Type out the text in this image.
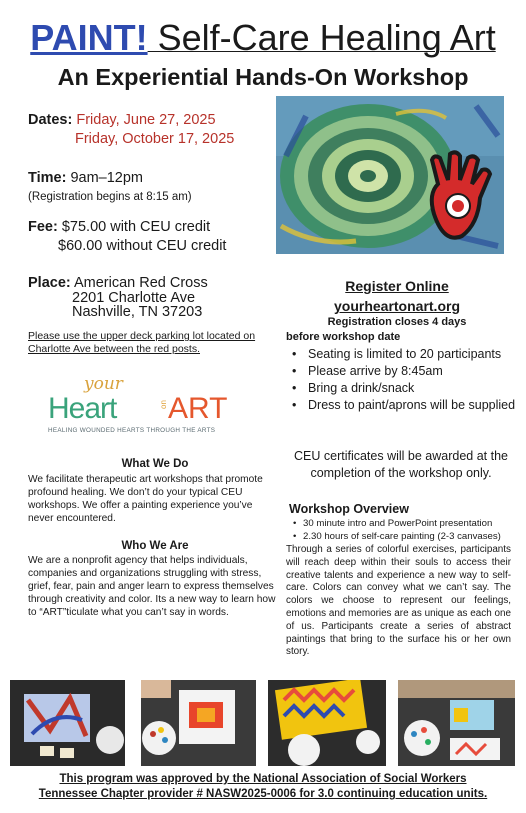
PAINT! Self-Care Healing Art
An Experiential Hands-On Workshop
Dates: Friday, June 27, 2025
Friday, October 17, 2025
Time: 9am–12pm
(Registration begins at 8:15 am)
Fee: $75.00 with CEU credit
$60.00 without CEU credit
Place: American Red Cross
2201 Charlotte Ave
Nashville, TN 37203
Please use the upper deck parking lot located on Charlotte Ave between the red posts.
your
Heart	on ART
HEALING WOUNDED HEARTS THROUGH THE ARTS
What We Do
We facilitate therapeutic art workshops that promote profound healing. We don’t do your typical CEU workshops. We offer a painting experience you’ve never encountered.
Who We Are
We are a nonprofit agency that helps individuals, companies and organizations struggling with stress, grief, fear, pain and anger learn to express themselves through creativity and color. Its a new way to learn how to “ART”ticulate what you can’t say in words.
Register Online
yourheartonart.org
Registration closes 4 days
before workshop date
• Seating is limited to 20 participants
• Please arrive by 8:45am
• Bring a drink/snack
• Dress to paint/aprons will be supplied
CEU certificates will be awarded at the completion of the workshop only.
Workshop Overview
• 30 minute intro and PowerPoint presentation
• 2.30 hours of self-care painting (2-3 canvases)
Through a series of colorful exercises, participants will reach deep within their souls to access their creative talents and experience a new way to self-care. Colors can convey what we can’t say. The colors we choose to represent our feelings, emotions and memories are as unique as each one of us. Participants create a series of abstract paintings that bring to the surface his or her own story.
This program was approved by the National Association of Social Workers
Tennessee Chapter provider # NASW2025-0006 for 3.0 continuing education units.
